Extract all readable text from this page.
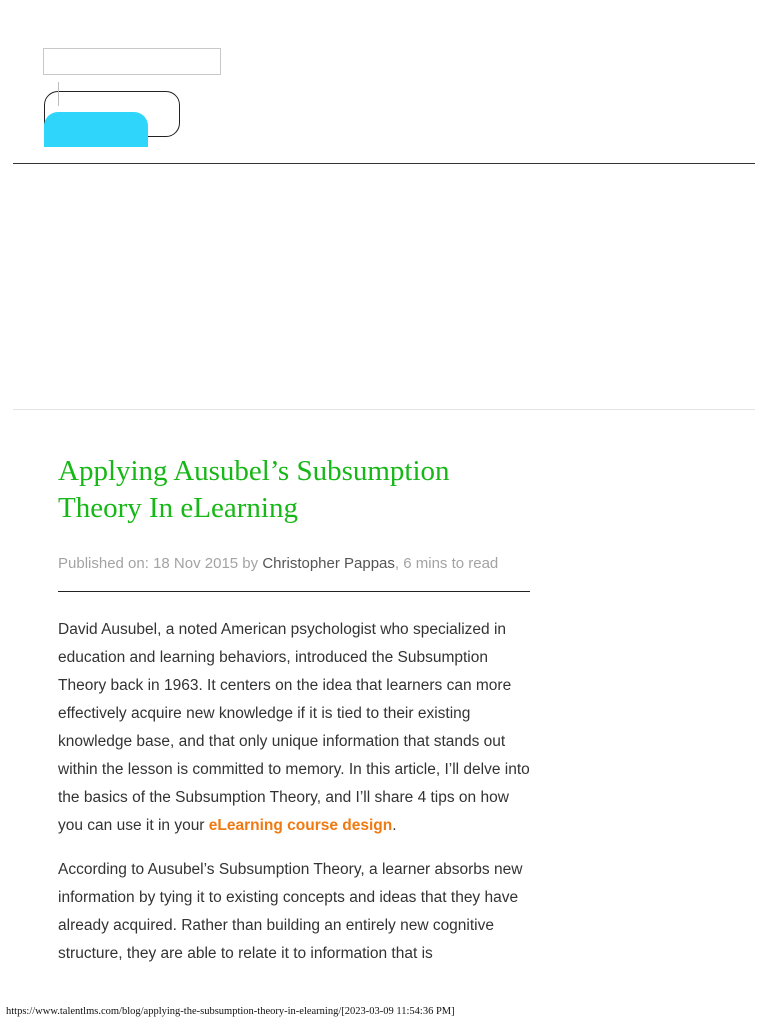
Applying Ausubel’s Subsumption Theory In eLearning
Published on: 18 Nov 2015 by Christopher Pappas, 6 mins to read

David Ausubel, a noted American psychologist who specialized in education and learning behaviors, introduced the Subsumption Theory back in 1963. It centers on the idea that learners can more effectively acquire new knowledge if it is tied to their existing knowledge base, and that only unique information that stands out within the lesson is committed to memory. In this article, I’ll delve into the basics of the Subsumption Theory, and I’ll share 4 tips on how you can use it in your eLearning course design.

According to Ausubel’s Subsumption Theory, a learner absorbs new information by tying it to existing concepts and ideas that they have already acquired. Rather than building an entirely new cognitive structure, they are able to relate it to information that is

https://www.talentlms.com/blog/applying-the-subsumption-theory-in-elearning/[2023-03-09 11:54:36 PM]
